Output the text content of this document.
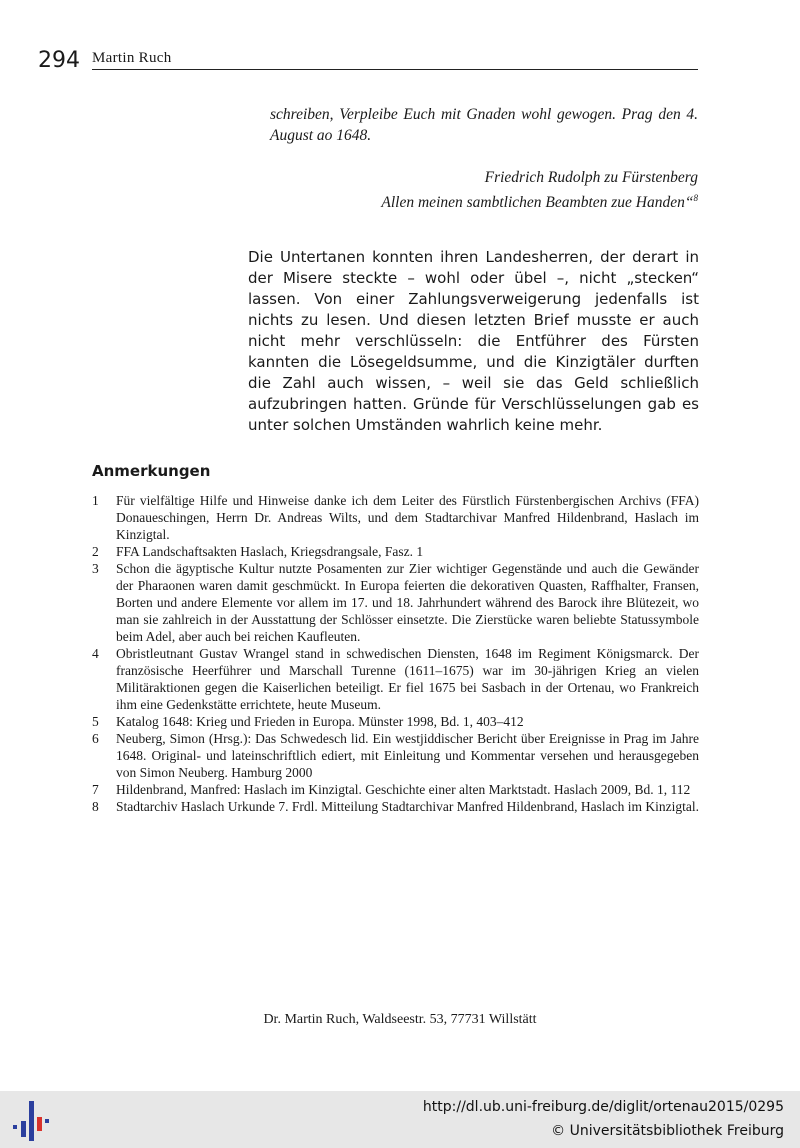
294 Martin Ruch

schreiben, Verpleibe Euch mit Gnaden wohl gewogen. Prag den 4. August ao 1648.

Friedrich Rudolph zu Fürstenberg
Allen meinen sambtlichen Beambten zue Handen“$^8$
Die Untertanen konnten ihren Landesherren, der derart in der Misere steckte – wohl oder übel –, nicht „stecken“ lassen. Von einer Zahlungsverweigerung jedenfalls ist nichts zu lesen. Und diesen letzten Brief musste er auch nicht mehr verschlüsseln: die Entführer des Fürsten kannten die Lösegeldsumme, und die Kinzigtäler durften die Zahl auch wissen, – weil sie das Geld schließlich aufzubringen hatten. Gründe für Verschlüsselungen gab es unter solchen Umständen wahrlich keine mehr.
Anmerkungen
1 Für vielfältige Hilfe und Hinweise danke ich dem Leiter des Fürstlich Fürstenbergischen Archivs (FFA) Donaueschingen, Herrn Dr. Andreas Wilts, und dem Stadtarchivar Manfred Hildenbrand, Haslach im Kinzigtal.
2 FFA Landschaftsakten Haslach, Kriegsdrangsale, Fasz. 1
3 Schon die ägyptische Kultur nutzte Posamenten zur Zier wichtiger Gegenstände und auch die Gewänder der Pharaonen waren damit geschmückt. In Europa feierten die dekorativen Quasten, Raffhalter, Fransen, Borten und andere Elemente vor allem im 17. und 18. Jahrhundert während des Barock ihre Blütezeit, wo man sie zahlreich in der Ausstattung der Schlösser einsetzte. Die Zierstücke waren beliebte Statussymbole beim Adel, aber auch bei reichen Kaufleuten.
4 Obristleutnant Gustav Wrangel stand in schwedischen Diensten, 1648 im Regiment Königsmarck. Der französische Heerführer und Marschall Turenne (1611–1675) war im 30-jährigen Krieg an vielen Militäraktionen gegen die Kaiserlichen beteiligt. Er fiel 1675 bei Sasbach in der Ortenau, wo Frankreich ihm eine Gedenkstätte errichtete, heute Museum.
5 Katalog 1648: Krieg und Frieden in Europa. Münster 1998, Bd. 1, 403–412
6 Neuberg, Simon (Hrsg.): Das Schwedesch lid. Ein westjiddischer Bericht über Ereignisse in Prag im Jahre 1648. Original- und lateinschriftlich ediert, mit Einleitung und Kommentar versehen und herausgegeben von Simon Neuberg. Hamburg 2000
7 Hildenbrand, Manfred: Haslach im Kinzigtal. Geschichte einer alten Marktstadt. Haslach 2009, Bd. 1, 112
8 Stadtarchiv Haslach Urkunde 7. Frdl. Mitteilung Stadtarchivar Manfred Hildenbrand, Haslach im Kinzigtal.
Dr. Martin Ruch, Waldseestr. 53, 77731 Willstätt
http://dl.ub.uni-freiburg.de/diglit/ortenau2015/0295
© Universitätsbibliothek Freiburg
